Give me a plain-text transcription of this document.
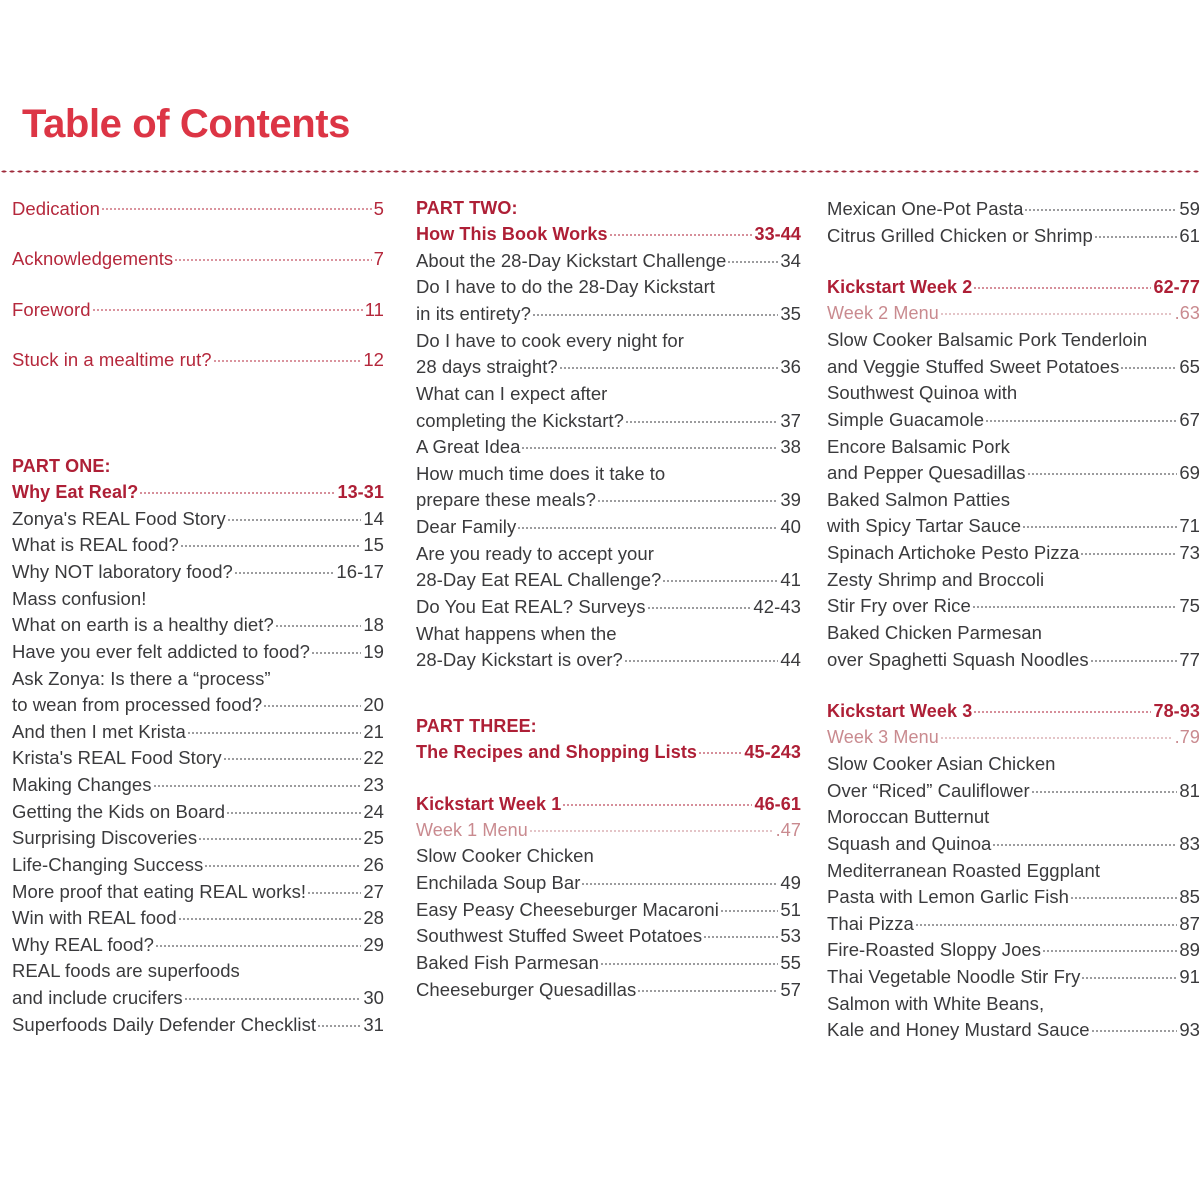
Table of Contents
Dedication	5
Acknowledgements	7
Foreword	11
Stuck in a mealtime rut?	12
PART ONE:
Why Eat Real?	13-31
Zonya's REAL Food Story	14
What is REAL food?	15
Why NOT laboratory food?	16-17
Mass confusion!
What on earth is a healthy diet?	18
Have you ever felt addicted to food?	19
Ask Zonya: Is there a “process”
to wean from processed food?	20
And then I met Krista	21
Krista's REAL Food Story	22
Making Changes	23
Getting the Kids on Board	24
Surprising Discoveries	25
Life-Changing Success	26
More proof that eating REAL works!	27
Win with REAL food	28
Why REAL food?	29
REAL foods are superfoods
and include crucifers	30
Superfoods Daily Defender Checklist	31
PART TWO:
How This Book Works	33-44
About the 28-Day Kickstart Challenge	34
Do I have to do the 28-Day Kickstart
in its entirety?	35
Do I have to cook every night for
28 days straight?	36
What can I expect after
completing the Kickstart?	37
A Great Idea	38
How much time does it take to
prepare these meals?	39
Dear Family	40
Are you ready to accept your
28-Day Eat REAL Challenge?	41
Do You Eat REAL? Surveys	42-43
What happens when the
28-Day Kickstart is over?	44
PART THREE:
The Recipes and Shopping Lists	45-243
Kickstart Week 1	46-61
Week 1 Menu	.47
Slow Cooker Chicken
Enchilada Soup Bar	49
Easy Peasy Cheeseburger Macaroni	51
Southwest Stuffed Sweet Potatoes	53
Baked Fish Parmesan	55
Cheeseburger Quesadillas	57
Mexican One-Pot Pasta	59
Citrus Grilled Chicken or Shrimp	61
Kickstart Week 2	62-77
Week 2 Menu	.63
Slow Cooker Balsamic Pork Tenderloin
and Veggie Stuffed Sweet Potatoes	65
Southwest Quinoa with
Simple Guacamole	67
Encore Balsamic Pork
and Pepper Quesadillas	69
Baked Salmon Patties
with Spicy Tartar Sauce	71
Spinach Artichoke Pesto Pizza	73
Zesty Shrimp and Broccoli
Stir Fry over Rice	75
Baked Chicken Parmesan
over Spaghetti Squash Noodles	77
Kickstart Week 3	78-93
Week 3 Menu	.79
Slow Cooker Asian Chicken
Over “Riced” Cauliflower	81
Moroccan Butternut
Squash and Quinoa	83
Mediterranean Roasted Eggplant
Pasta with Lemon Garlic Fish	85
Thai Pizza	87
Fire-Roasted Sloppy Joes	89
Thai Vegetable Noodle Stir Fry	91
Salmon with White Beans,
Kale and Honey Mustard Sauce	93
